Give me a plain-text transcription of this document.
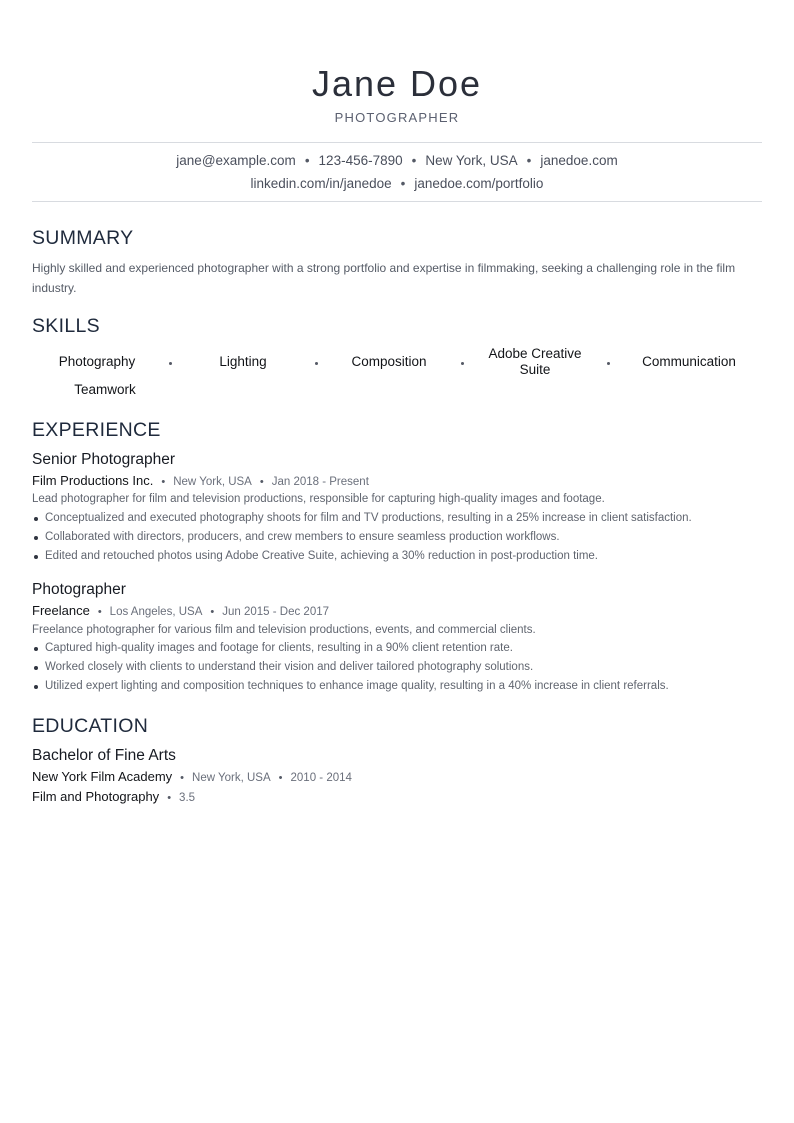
Jane Doe
PHOTOGRAPHER
jane@example.com • 123-456-7890 • New York, USA • janedoe.com
linkedin.com/in/janedoe • janedoe.com/portfolio
SUMMARY
Highly skilled and experienced photographer with a strong portfolio and expertise in filmmaking, seeking a challenging role in the film industry.
SKILLS
Photography	Lighting	Composition
Adobe Creative Suite
Communication
Teamwork
EXPERIENCE
Senior Photographer
Film Productions Inc. • New York, USA • Jan 2018 - Present
Lead photographer for film and television productions, responsible for capturing high-quality images and footage.
Conceptualized and executed photography shoots for film and TV productions, resulting in a 25% increase in client satisfaction.
Collaborated with directors, producers, and crew members to ensure seamless production workflows.
Edited and retouched photos using Adobe Creative Suite, achieving a 30% reduction in post-production time.
Photographer
Freelance • Los Angeles, USA • Jun 2015 - Dec 2017
Freelance photographer for various film and television productions, events, and commercial clients.
Captured high-quality images and footage for clients, resulting in a 90% client retention rate.
Worked closely with clients to understand their vision and deliver tailored photography solutions.
Utilized expert lighting and composition techniques to enhance image quality, resulting in a 40% increase in client referrals.
EDUCATION
Bachelor of Fine Arts
New York Film Academy • New York, USA • 2010 - 2014
Film and Photography • 3.5
